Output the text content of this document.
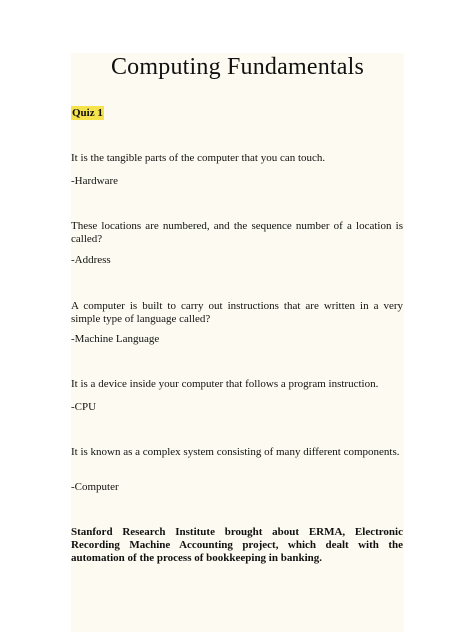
Computing Fundamentals
Quiz 1
It is the tangible parts of the computer that you can touch.
-Hardware
These locations are numbered, and the sequence number of a location is called?
-Address
A computer is built to carry out instructions that are written in a very simple type of language called?
-Machine Language
It is a device inside your computer that follows a program instruction.
-CPU
It is known as a complex system consisting of many different components.
-Computer
Stanford Research Institute brought about ERMA, Electronic Recording Machine Accounting project, which dealt with the automation of the process of bookkeeping in banking.
